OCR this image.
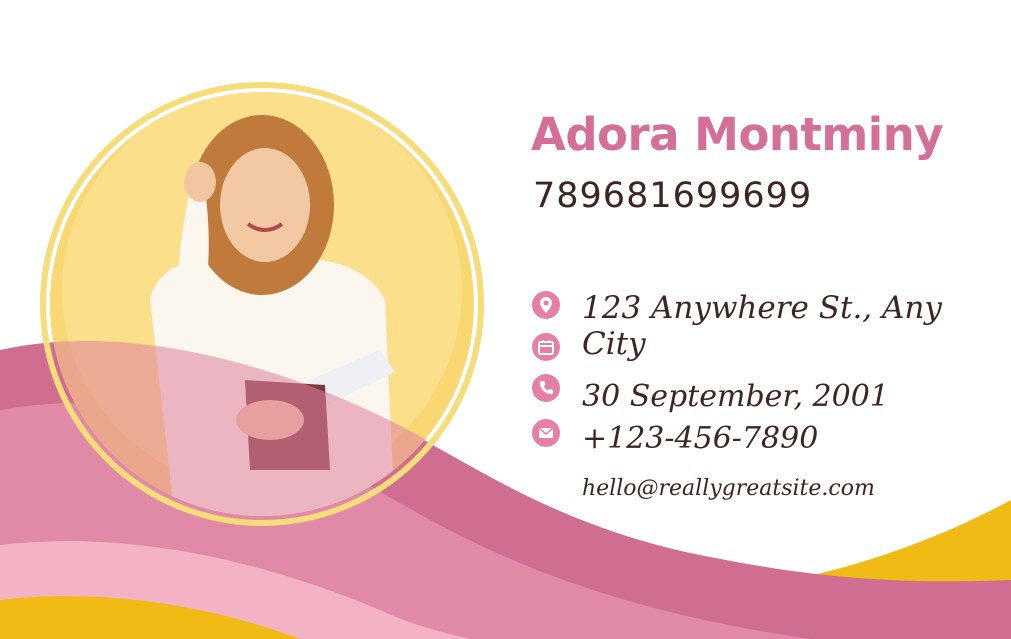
Adora Montminy
789681699699
123 Anywhere St., Any City
30 September, 2001
+123-456-7890
hello@reallygreatsite.com
